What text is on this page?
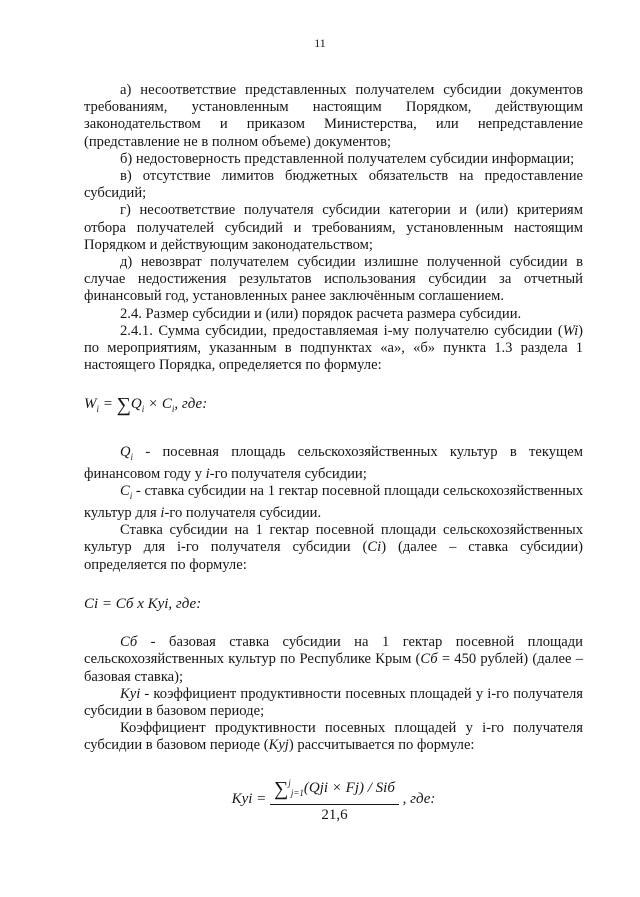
11

а) несоответствие представленных получателем субсидии документов требованиям, установленным настоящим Порядком, действующим законодательством и приказом Министерства, или непредставление (представление не в полном объеме) документов;

б) недостоверность представленной получателем субсидии информации;

в) отсутствие лимитов бюджетных обязательств на предоставление субсидий;

г) несоответствие получателя субсидии категории и (или) критериям отбора получателей субсидий и требованиям, установленным настоящим Порядком и действующим законодательством;

д) невозврат получателем субсидии излишне полученной субсидии в случае недостижения результатов использования субсидии за отчетный финансовый год, установленных ранее заключённым соглашением.

2.4. Размер субсидии и (или) порядок расчета размера субсидии.

2.4.1. Сумма субсидии, предоставляемая i-му получателю субсидии (Wi) по мероприятиям, указанным в подпунктах «а», «б» пункта 1.3 раздела 1 настоящего Порядка, определяется по формуле:

$W_i = \sum Q_i \times C_i$, где:

$Q_i$ - посевная площадь сельскохозяйственных культур в текущем финансовом году у i-го получателя субсидии;

$C_i$ - ставка субсидии на 1 гектар посевной площади сельскохозяйственных культур для i-го получателя субсидии.

Ставка субсидии на 1 гектар посевной площади сельскохозяйственных культур для i-го получателя субсидии (Ci) (далее – ставка субсидии) определяется по формуле:

Ci = Сб х Kyi, где:

Сб - базовая ставка субсидии на 1 гектар посевной площади сельскохозяйственных культур по Республике Крым (Сб = 450 рублей) (далее – базовая ставка);

Kyi - коэффициент продуктивности посевных площадей у i-го получателя субсидии в базовом периоде;

Коэффициент продуктивности посевных площадей у i-го получателя субсидии в базовом периоде (Kyj) рассчитывается по формуле:

Kyi = $\frac{\sum^j_{j=1}(Qji \times Fj) / Siб}{21,6}$ , где:
